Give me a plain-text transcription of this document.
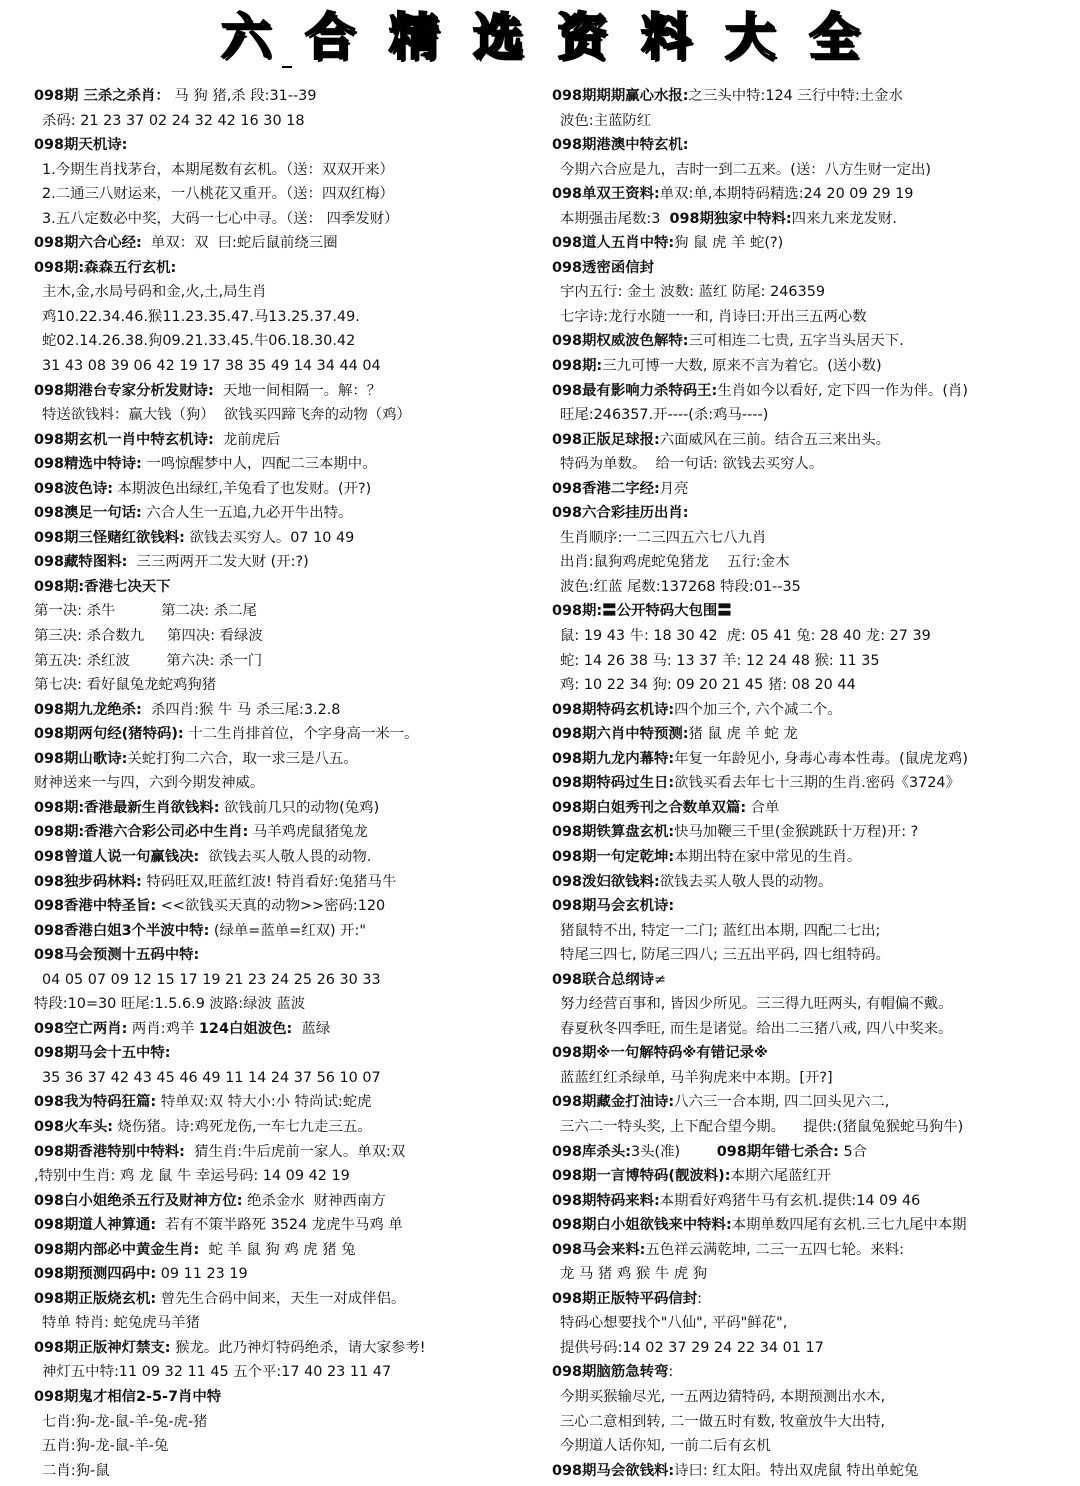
六 合 精 选 资 料 大 全
098期 三杀之杀肖： 马 狗 猪,杀 段:31--39
杀码: 21 23 37 02 24 32 42 16 30 18
098期天机诗:
1.今期生肖找茅台，本期尾数有玄机。（送：双双开来）
2.二通三八财运来，一八桃花又重开。（送：四双红梅）
3.五八定数必中奖，大码一七心中寻。（送： 四季发财）
098期六合心经:  单双：双  曰:蛇后鼠前绕三圈
098期:森森五行玄机:
主木,金,水局号码和金,火,土,局生肖
鸡10.22.34.46.猴11.23.35.47.马13.25.37.49.
蛇02.14.26.38.狗09.21.33.45.牛06.18.30.42
31 43 08 39 06 42 19 17 38 35 49 14 34 44 04
098期港台专家分析发财诗:  天地一间相隔一。解：？
特送欲钱料：赢大钱（狗）  欲钱买四蹄飞奔的动物（鸡）
098期玄机一肖中特玄机诗:  龙前虎后
098精选中特诗: 一鸣惊醒梦中人，四配二三本期中。
098波色诗: 本期波色出绿红,羊兔看了也发财。(开?)
098澳足一句话: 六合人生一五追,九必开牛出特。
098期三怪赌红欲钱料: 欲钱去买穷人。07 10 49
098藏特图料:  三三两两开二发大财 (开:?)
098期:香港七决天下
第一决: 杀牛          第二决: 杀二尾
第三决: 杀合数九     第四决: 看绿波
第五决: 杀红波        第六决: 杀一门
第七决: 看好鼠兔龙蛇鸡狗猪
098期九龙绝杀:  杀四肖:猴 牛 马 杀三尾:3.2.8
098期两句经(猪特码): 十二生肖排首位，个字身高一米一。
098期山歌诗:关蛇打狗二六合，取一求三是八五。
财神送来一与四，六到今期发神威。
098期:香港最新生肖欲钱料: 欲钱前几只的动物(兔鸡)
098期:香港六合彩公司必中生肖: 马羊鸡虎鼠猪兔龙
098曾道人说一句赢钱决:  欲钱去买人敬人畏的动物.
098独步码林料: 特码旺双,旺蓝红波! 特肖看好:兔猪马牛
098香港中特圣旨: <<欲钱买天真的动物>>密码:120
098香港白姐3个半波中特: (绿单=蓝单=红双) 开:"
098马会预测十五码中特:
04 05 07 09 12 15 17 19 21 23 24 25 26 30 33
特段:10=30 旺尾:1.5.6.9 波路:绿波 蓝波
098空亡两肖: 两肖:鸡羊 124白姐波色:  蓝绿
098期马会十五中特:
35 36 37 42 43 45 46 49 11 14 24 37 56 10 07
098我为特码狂篇: 特单双:双 特大小:小 特尚试:蛇虎
098火车头: 烧伤猪。诗:鸡死龙伤,一车七九走三五。
098期香港特别中特料:  猜生肖:牛后虎前一家人。单双:双
,特别中生肖: 鸡 龙 鼠 牛 幸运号码: 14 09 42 19
098白小姐绝杀五行及财神方位: 绝杀金水  财神西南方
098期道人神算通:  若有不策半路死 3524 龙虎牛马鸡 单
098期内部必中黄金生肖:  蛇 羊 鼠 狗 鸡 虎 猪 兔
098期预测四码中: 09 11 23 19
098期正版烧玄机: 曾先生合码中间来，天生一对成伴侣。
特单 特肖: 蛇兔虎马羊猪
098期正版神灯禁支: 猴龙。此乃神灯特码绝杀，请大家参考!
神灯五中特:11 09 32 11 45 五个平:17 40 23 11 47
098期鬼才相信2-5-7肖中特
七肖:狗-龙-鼠-羊-兔-虎-猪
五肖:狗-龙-鼠-羊-兔
二肖:狗-鼠
098期期期赢心水报:之三头中特:124 三行中特:土金水
波色:主蓝防红
098期港澳中特玄机:
今期六合应是九，吉时一到二五来。(送：八方生财一定出)
098单双王资料:单双:单,本期特码精选:24 20 09 29 19
本期强击尾数:3  098期独家中特料:四来九来龙发财.
098道人五肖中特:狗 鼠 虎 羊 蛇(?)
098透密函信封
宇内五行: 金土 波数: 蓝红 防尾: 246359
七字诗:龙行水随一一和, 肖诗曰:开出三五两心数
098期权威波色解特:三可相连二七贵, 五字当头居天下.
098期:三九可博一大数, 原来不言为着它。(送小数)
098最有影响力杀特码王:生肖如今以看好, 定下四一作为伴。(肖)
旺尾:246357.开----(杀:鸡马----)
098正版足球报:六面威风在三前。结合五三来出头。
特码为单数。  给一句话: 欲钱去买穷人。
098香港二字经:月亮
098六合彩挂历出肖:
生肖顺序:一二三四五六七八九肖
出肖:鼠狗鸡虎蛇兔猪龙    五行:金木
波色:红蓝 尾数:137268 特段:01--35
098期:〓公开特码大包围〓
鼠: 19 43 牛: 18 30 42  虎: 05 41 兔: 28 40 龙: 27 39
蛇: 14 26 38 马: 13 37 羊: 12 24 48 猴: 11 35
鸡: 10 22 34 狗: 09 20 21 45 猪: 08 20 44
098期特码玄机诗:四个加三个, 六个减二个。
098期六肖中特预测:猪 鼠 虎 羊 蛇 龙
098期九龙内幕特:年复一年龄见小, 身毒心毒本性毒。(鼠虎龙鸡)
098期特码过生日:欲钱买看去年七十三期的生肖.密码《3724》
098期白姐秀刊之合数单双篇: 合单
098期铁算盘玄机:快马加鞭三千里(金猴跳跃十万程)开: ?
098期一句定乾坤:本期出特在家中常见的生肖。
098泼妇欲钱料:欲钱去买人敬人畏的动物。
098期马会玄机诗:
猪鼠特不出, 特定一二门; 蓝红出本期, 四配二七出;
特尾三四七, 防尾三四八; 三五出平码, 四七组特码。
098联合总纲诗≠
努力经营百事和, 皆因少所见。三三得九旺两头, 有帽偏不戴。
春夏秋冬四季旺, 而生是诸觉。给出二三猪八戒, 四八中奖来。
098期※一句解特码※有错记录※
蓝蓝红红杀绿单, 马羊狗虎来中本期。[开?]
098期藏金打油诗:八六三一合本期, 四二回头见六二,
三六二一特头奖, 上下配合望今期。    提供:(猪鼠兔猴蛇马狗牛)
098库杀头:3头(准)        098期年错七杀合: 5合
098期一言博特码(靓波料):本期六尾蓝红开
098期特码来料:本期看好鸡猪牛马有玄机.提供:14 09 46
098期白小姐欲钱来中特料:本期单数四尾有玄机.三七九尾中本期
098马会来料:五色祥云满乾坤, 二三一五四七轮。来料:
龙 马 猪 鸡 猴 牛 虎 狗
098期正版特平码信封:
特码心想要找个"八仙", 平码"鲜花",
提供号码:14 02 37 29 24 22 34 01 17
098期脑筋急转弯:
今期买猴输尽光, 一五两边猜特码, 本期预测出水木,
三心二意相到转, 二一做五时有数, 牧童放牛大出特,
今期道人话你知, 一前二后有玄机
098期马会欲钱料:诗曰: 红太阳。特出双虎鼠 特出单蛇兔
